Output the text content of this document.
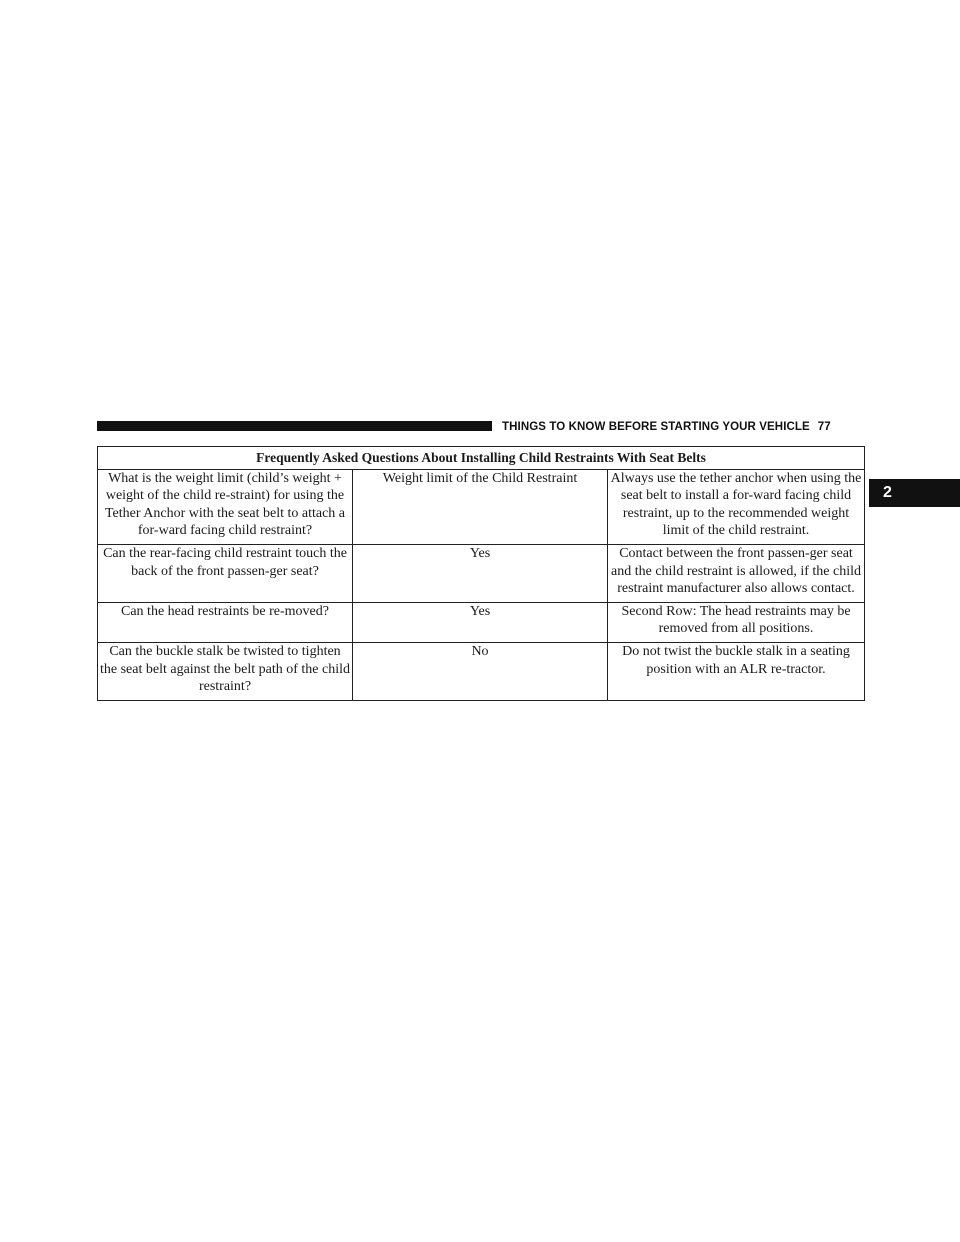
THINGS TO KNOW BEFORE STARTING YOUR VEHICLE 77
2
Frequently Asked Questions About Installing Child Restraints With Seat Belts		
What is the weight limit (child’s weight + weight of the child re-straint) for using the Tether Anchor with the seat belt to attach a for-ward facing child restraint?	Weight limit of the Child Restraint	Always use the tether anchor when using the seat belt to install a for-ward facing child restraint, up to the recommended weight limit of the child restraint.
Can the rear-facing child restraint touch the back of the front passen-ger seat?	Yes	Contact between the front passen-ger seat and the child restraint is allowed, if the child restraint manufacturer also allows contact.
Can the head restraints be re-moved?	Yes	Second Row: The head restraints may be removed from all positions.
Can the buckle stalk be twisted to tighten the seat belt against the belt path of the child restraint?	No	Do not twist the buckle stalk in a seating position with an ALR re-tractor.
